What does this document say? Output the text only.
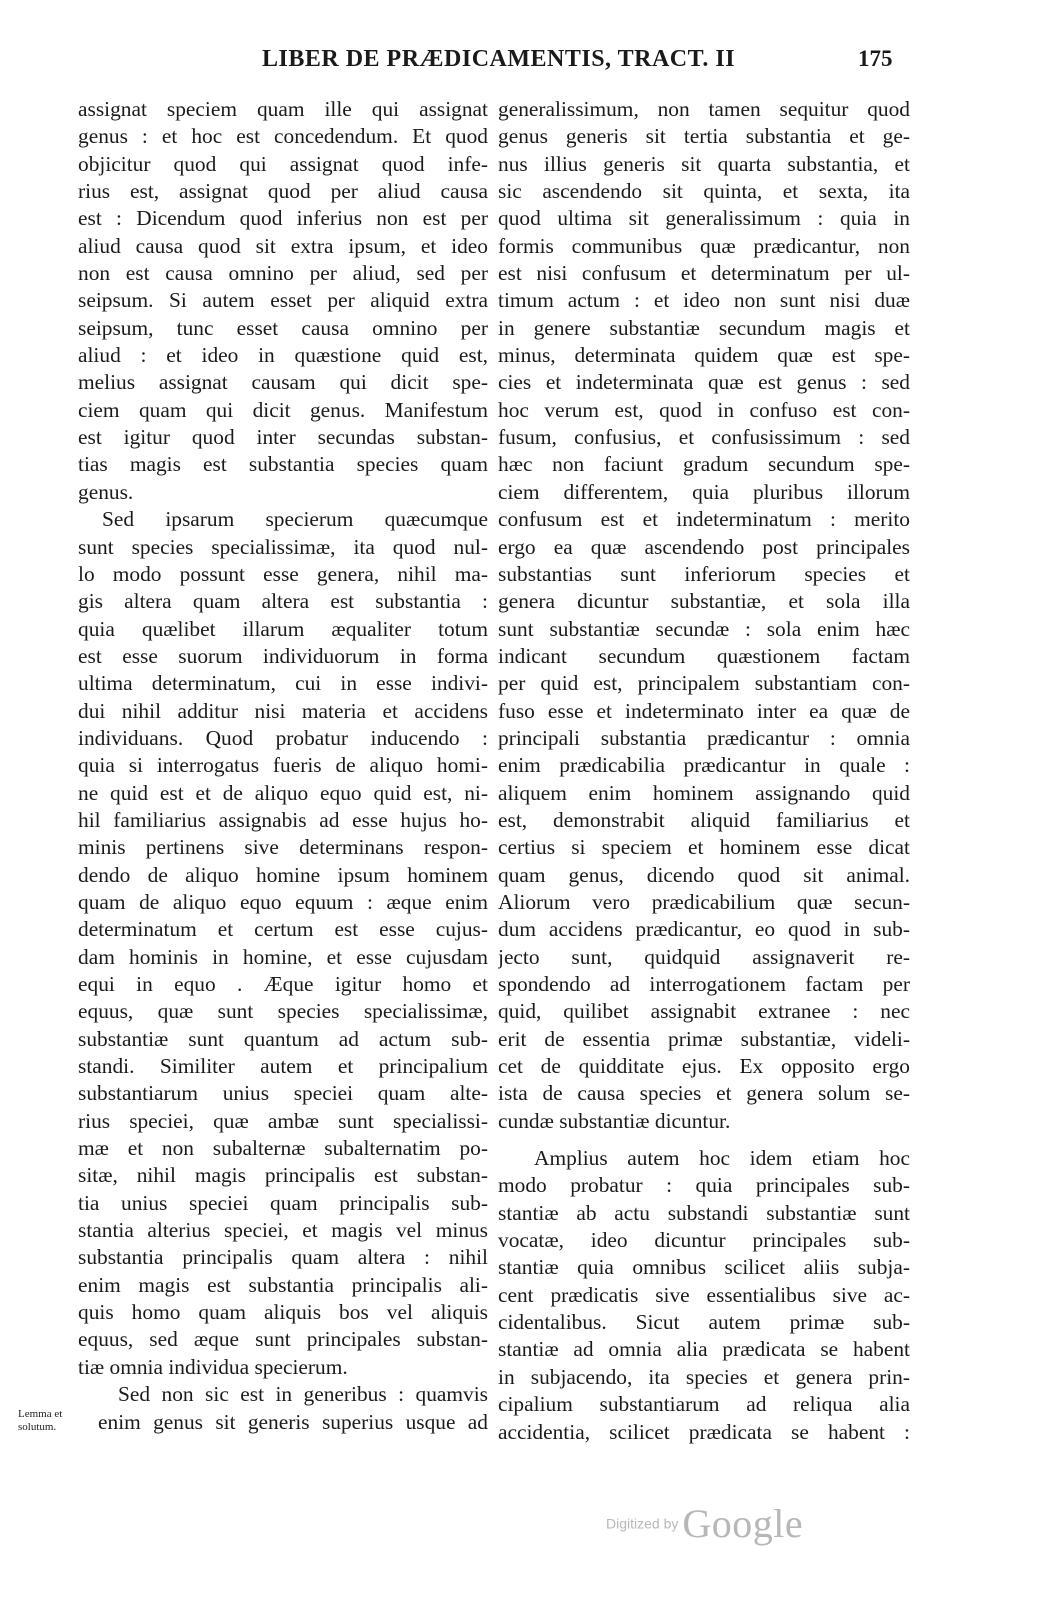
LIBER DE PRÆDICAMENTIS, TRACT. II	175
assignat speciem quam ille qui assignat
genus : et hoc est concedendum. Et quod
objicitur quod qui assignat quod infe-
rius est, assignat quod per aliud causa
est : Dicendum quod inferius non est per
aliud causa quod sit extra ipsum, et ideo
non est causa omnino per aliud, sed per
seipsum. Si autem esset per aliquid extra
seipsum, tunc esset causa omnino per
aliud : et ideo in quæstione quid est,
melius assignat causam qui dicit spe-
ciem quam qui dicit genus. Manifestum
est igitur quod inter secundas substan-
tias magis est substantia species quam
genus.
Sed ipsarum specierum quæcumque
sunt species specialissimæ, ita quod nul-
lo modo possunt esse genera, nihil ma-
gis altera quam altera est substantia :
quia quælibet illarum æqualiter totum
est esse suorum individuorum in forma
ultima determinatum, cui in esse indivi-
dui nihil additur nisi materia et accidens
individuans. Quod probatur inducendo :
quia si interrogatus fueris de aliquo homi-
ne quid est et de aliquo equo quid est, ni-
hil familiarius assignabis ad esse hujus ho-
minis pertinens sive determinans respon-
dendo de aliquo homine ipsum hominem
quam de aliquo equo equum : æque enim
determinatum et certum est esse cujus-
dam hominis in homine, et esse cujusdam
equi in equo . Æque igitur homo et
equus, quæ sunt species specialissimæ,
substantiæ sunt quantum ad actum sub-
standi. Similiter autem et principalium
substantiarum unius speciei quam alte-
rius speciei, quæ ambæ sunt specialissi-
mæ et non subalternæ subalternatim po-
sitæ, nihil magis principalis est substan-
tia unius speciei quam principalis sub-
stantia alterius speciei, et magis vel minus
substantia principalis quam altera : nihil
enim magis est substantia principalis ali-
quis homo quam aliquis bos vel aliquis
equus, sed æque sunt principales substan-
tiæ omnia individua specierum.
Sed non sic est in generibus : quamvis
enim genus sit generis superius usque ad
generalissimum, non tamen sequitur quod
genus generis sit tertia substantia et ge-
nus illius generis sit quarta substantia, et
sic ascendendo sit quinta, et sexta, ita
quod ultima sit generalissimum : quia in
formis communibus quæ prædicantur, non
est nisi confusum et determinatum per ul-
timum actum : et ideo non sunt nisi duæ
in genere substantiæ secundum magis et
minus, determinata quidem quæ est spe-
cies et indeterminata quæ est genus : sed
hoc verum est, quod in confuso est con-
fusum, confusius, et confusissimum : sed
hæc non faciunt gradum secundum spe-
ciem differentem, quia pluribus illorum
confusum est et indeterminatum : merito
ergo ea quæ ascendendo post principales
substantias sunt inferiorum species et
genera dicuntur substantiæ, et sola illa
sunt substantiæ secundæ : sola enim hæc
indicant secundum quæstionem factam
per quid est, principalem substantiam con-
fuso esse et indeterminato inter ea quæ de
principali substantia prædicantur : omnia
enim prædicabilia prædicantur in quale :
aliquem enim hominem assignando quid
est, demonstrabit aliquid familiarius et
certius si speciem et hominem esse dicat
quam genus, dicendo quod sit animal.
Aliorum vero prædicabilium quæ secun-
dum accidens prædicantur, eo quod in sub-
jecto sunt, quidquid assignaverit re-
spondendo ad interrogationem factam per
quid, quilibet assignabit extranee : nec
erit de essentia primæ substantiæ, videli-
cet de quidditate ejus. Ex opposito ergo
ista de causa species et genera solum se-
cundæ substantiæ dicuntur.
Amplius autem hoc idem etiam hoc
modo probatur : quia principales sub-
stantiæ ab actu substandi substantiæ sunt
vocatæ, ideo dicuntur principales sub-
stantiæ quia omnibus scilicet aliis subja-
cent prædicatis sive essentialibus sive ac-
cidentalibus. Sicut autem primæ sub-
stantiæ ad omnia alia prædicata se habent
in subjacendo, ita species et genera prin-
cipalium substantiarum ad reliqua alia
accidentia, scilicet prædicata se habent :
Lemma et
solutum.
Digitized by Google
